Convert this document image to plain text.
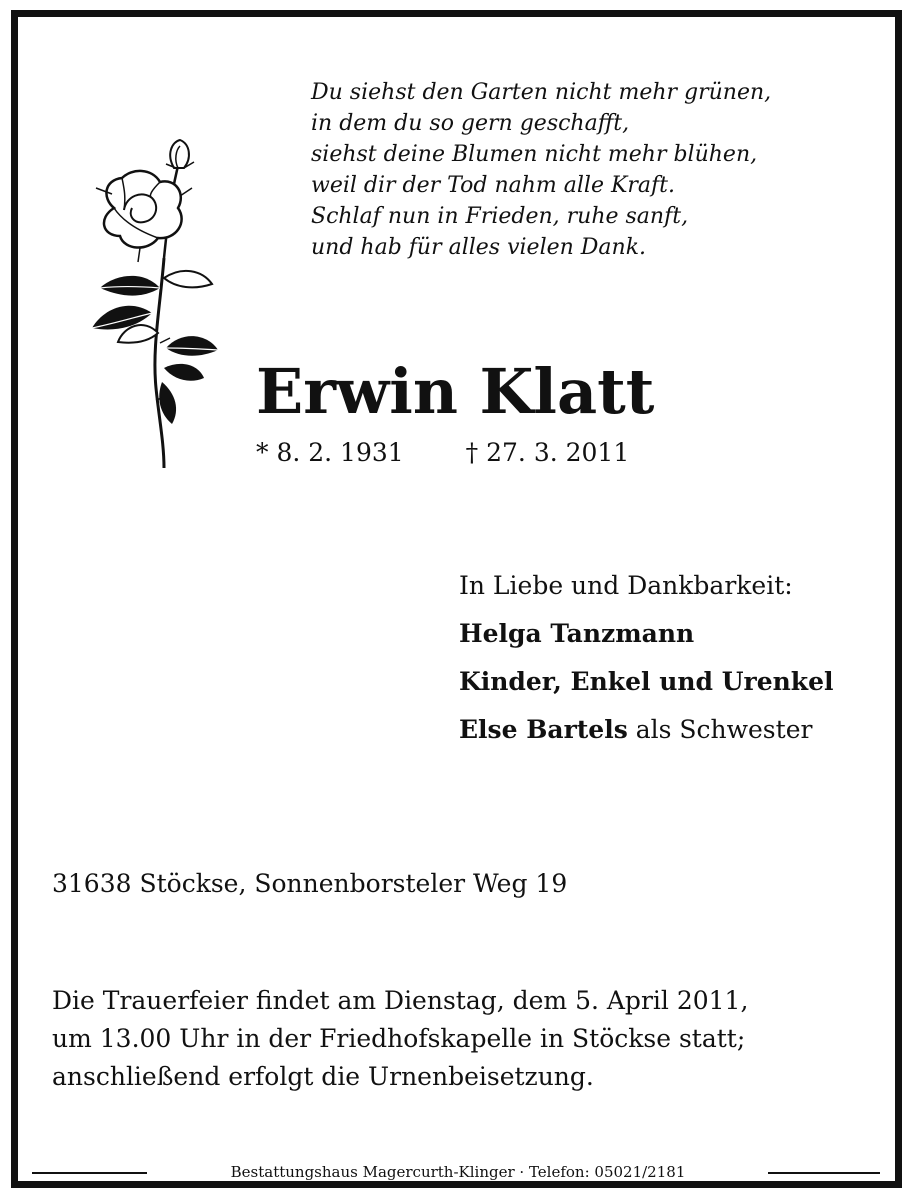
Du siehst den Garten nicht mehr grünen,
in dem du so gern geschafft,
siehst deine Blumen nicht mehr blühen,
weil dir der Tod nahm alle Kraft.
Schlaf nun in Frieden, ruhe sanft,
und hab für alles vielen Dank.
Erwin Klatt
* 8. 2. 1931 † 27. 3. 2011
In Liebe und Dankbarkeit:
Helga Tanzmann
Kinder, Enkel und Urenkel
Else Bartels als Schwester
31638 Stöckse, Sonnenborsteler Weg 19
Die Trauerfeier findet am Dienstag, dem 5. April 2011,
um 13.00 Uhr in der Friedhofskapelle in Stöckse statt;
anschließend erfolgt die Urnenbeisetzung.
Bestattungshaus Magercurth-Klinger · Telefon: 05021/2181
